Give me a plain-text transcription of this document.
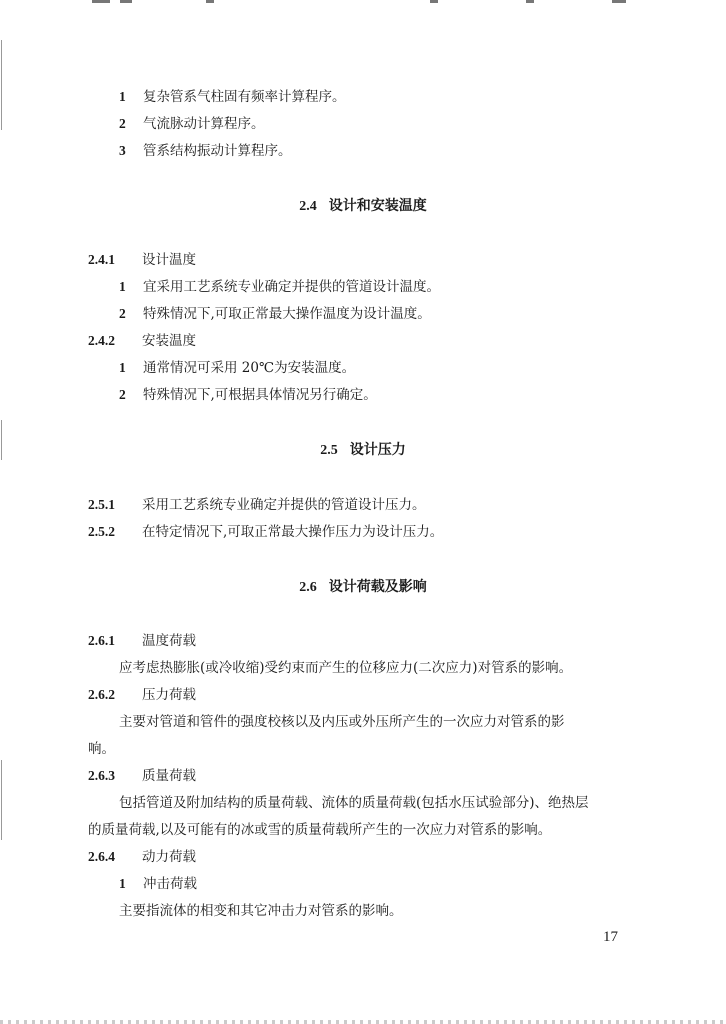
1 复杂管系气柱固有频率计算程序。
2 气流脉动计算程序。
3 管系结构振动计算程序。
2.4 设计和安装温度
2.4.1 设计温度
1 宜采用工艺系统专业确定并提供的管道设计温度。
2 特殊情况下,可取正常最大操作温度为设计温度。
2.4.2 安装温度
1 通常情况可采用 20℃为安装温度。
2 特殊情况下,可根据具体情况另行确定。
2.5 设计压力
2.5.1 采用工艺系统专业确定并提供的管道设计压力。
2.5.2 在特定情况下,可取正常最大操作压力为设计压力。
2.6 设计荷载及影响
2.6.1 温度荷载
应考虑热膨胀(或冷收缩)受约束而产生的位移应力(二次应力)对管系的影响。
2.6.2 压力荷载
主要对管道和管件的强度校核以及内压或外压所产生的一次应力对管系的影
响。
2.6.3 质量荷载
包括管道及附加结构的质量荷载、流体的质量荷载(包括水压试验部分)、绝热层
的质量荷载,以及可能有的冰或雪的质量荷载所产生的一次应力对管系的影响。
2.6.4 动力荷载
1 冲击荷载
主要指流体的相变和其它冲击力对管系的影响。
17
